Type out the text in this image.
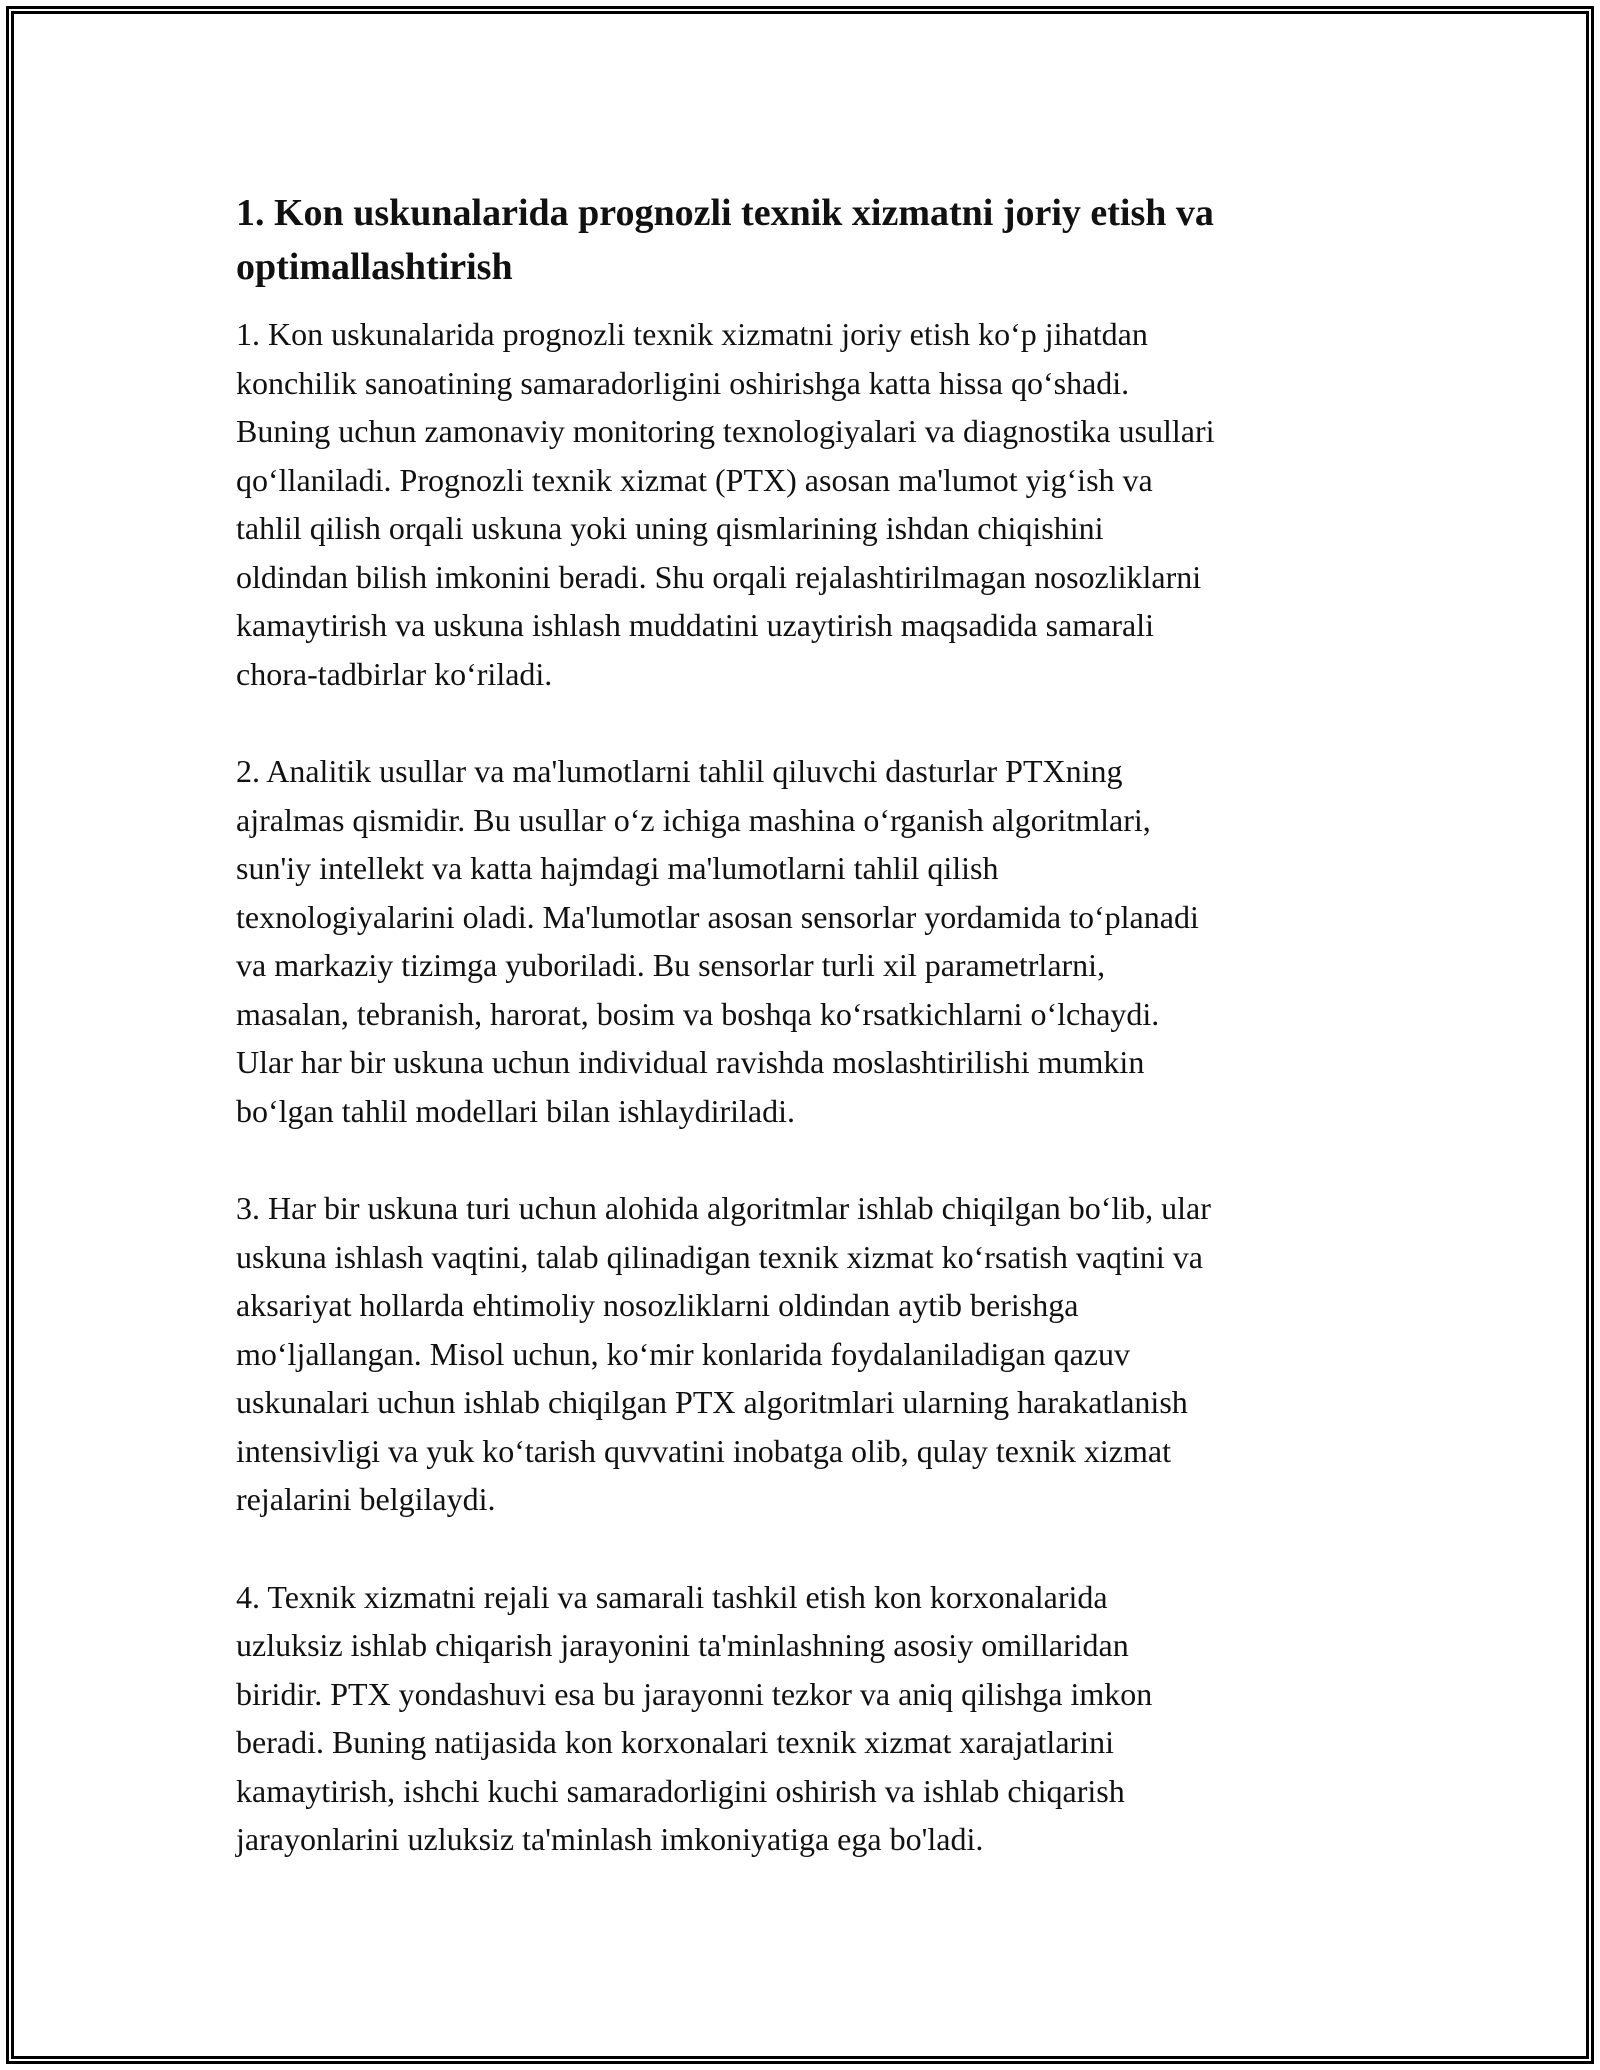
1. Kon uskunalarida prognozli texnik xizmatni joriy etish va
optimallashtirish
1. Kon uskunalarida prognozli texnik xizmatni joriy etish ko‘p jihatdan
konchilik sanoatining samaradorligini oshirishga katta hissa qo‘shadi.
Buning uchun zamonaviy monitoring texnologiyalari va diagnostika usullari
qo‘llaniladi. Prognozli texnik xizmat (PTX) asosan ma'lumot yig‘ish va
tahlil qilish orqali uskuna yoki uning qismlarining ishdan chiqishini
oldindan bilish imkonini beradi. Shu orqali rejalashtirilmagan nosozliklarni
kamaytirish va uskuna ishlash muddatini uzaytirish maqsadida samarali
chora-tadbirlar ko‘riladi.
2. Analitik usullar va ma'lumotlarni tahlil qiluvchi dasturlar PTXning
ajralmas qismidir. Bu usullar o‘z ichiga mashina o‘rganish algoritmlari,
sun'iy intellekt va katta hajmdagi ma'lumotlarni tahlil qilish
texnologiyalarini oladi. Ma'lumotlar asosan sensorlar yordamida to‘planadi
va markaziy tizimga yuboriladi. Bu sensorlar turli xil parametrlarni,
masalan, tebranish, harorat, bosim va boshqa ko‘rsatkichlarni o‘lchaydi.
Ular har bir uskuna uchun individual ravishda moslashtirilishi mumkin
bo‘lgan tahlil modellari bilan ishlaydiriladi.
3. Har bir uskuna turi uchun alohida algoritmlar ishlab chiqilgan bo‘lib, ular
uskuna ishlash vaqtini, talab qilinadigan texnik xizmat ko‘rsatish vaqtini va
aksariyat hollarda ehtimoliy nosozliklarni oldindan aytib berishga
mo‘ljallangan. Misol uchun, ko‘mir konlarida foydalaniladigan qazuv
uskunalari uchun ishlab chiqilgan PTX algoritmlari ularning harakatlanish
intensivligi va yuk ko‘tarish quvvatini inobatga olib, qulay texnik xizmat
rejalarini belgilaydi.
4. Texnik xizmatni rejali va samarali tashkil etish kon korxonalarida
uzluksiz ishlab chiqarish jarayonini ta'minlashning asosiy omillaridan
biridir. PTX yondashuvi esa bu jarayonni tezkor va aniq qilishga imkon
beradi. Buning natijasida kon korxonalari texnik xizmat xarajatlarini
kamaytirish, ishchi kuchi samaradorligini oshirish va ishlab chiqarish
jarayonlarini uzluksiz ta'minlash imkoniyatiga ega bo'ladi.
